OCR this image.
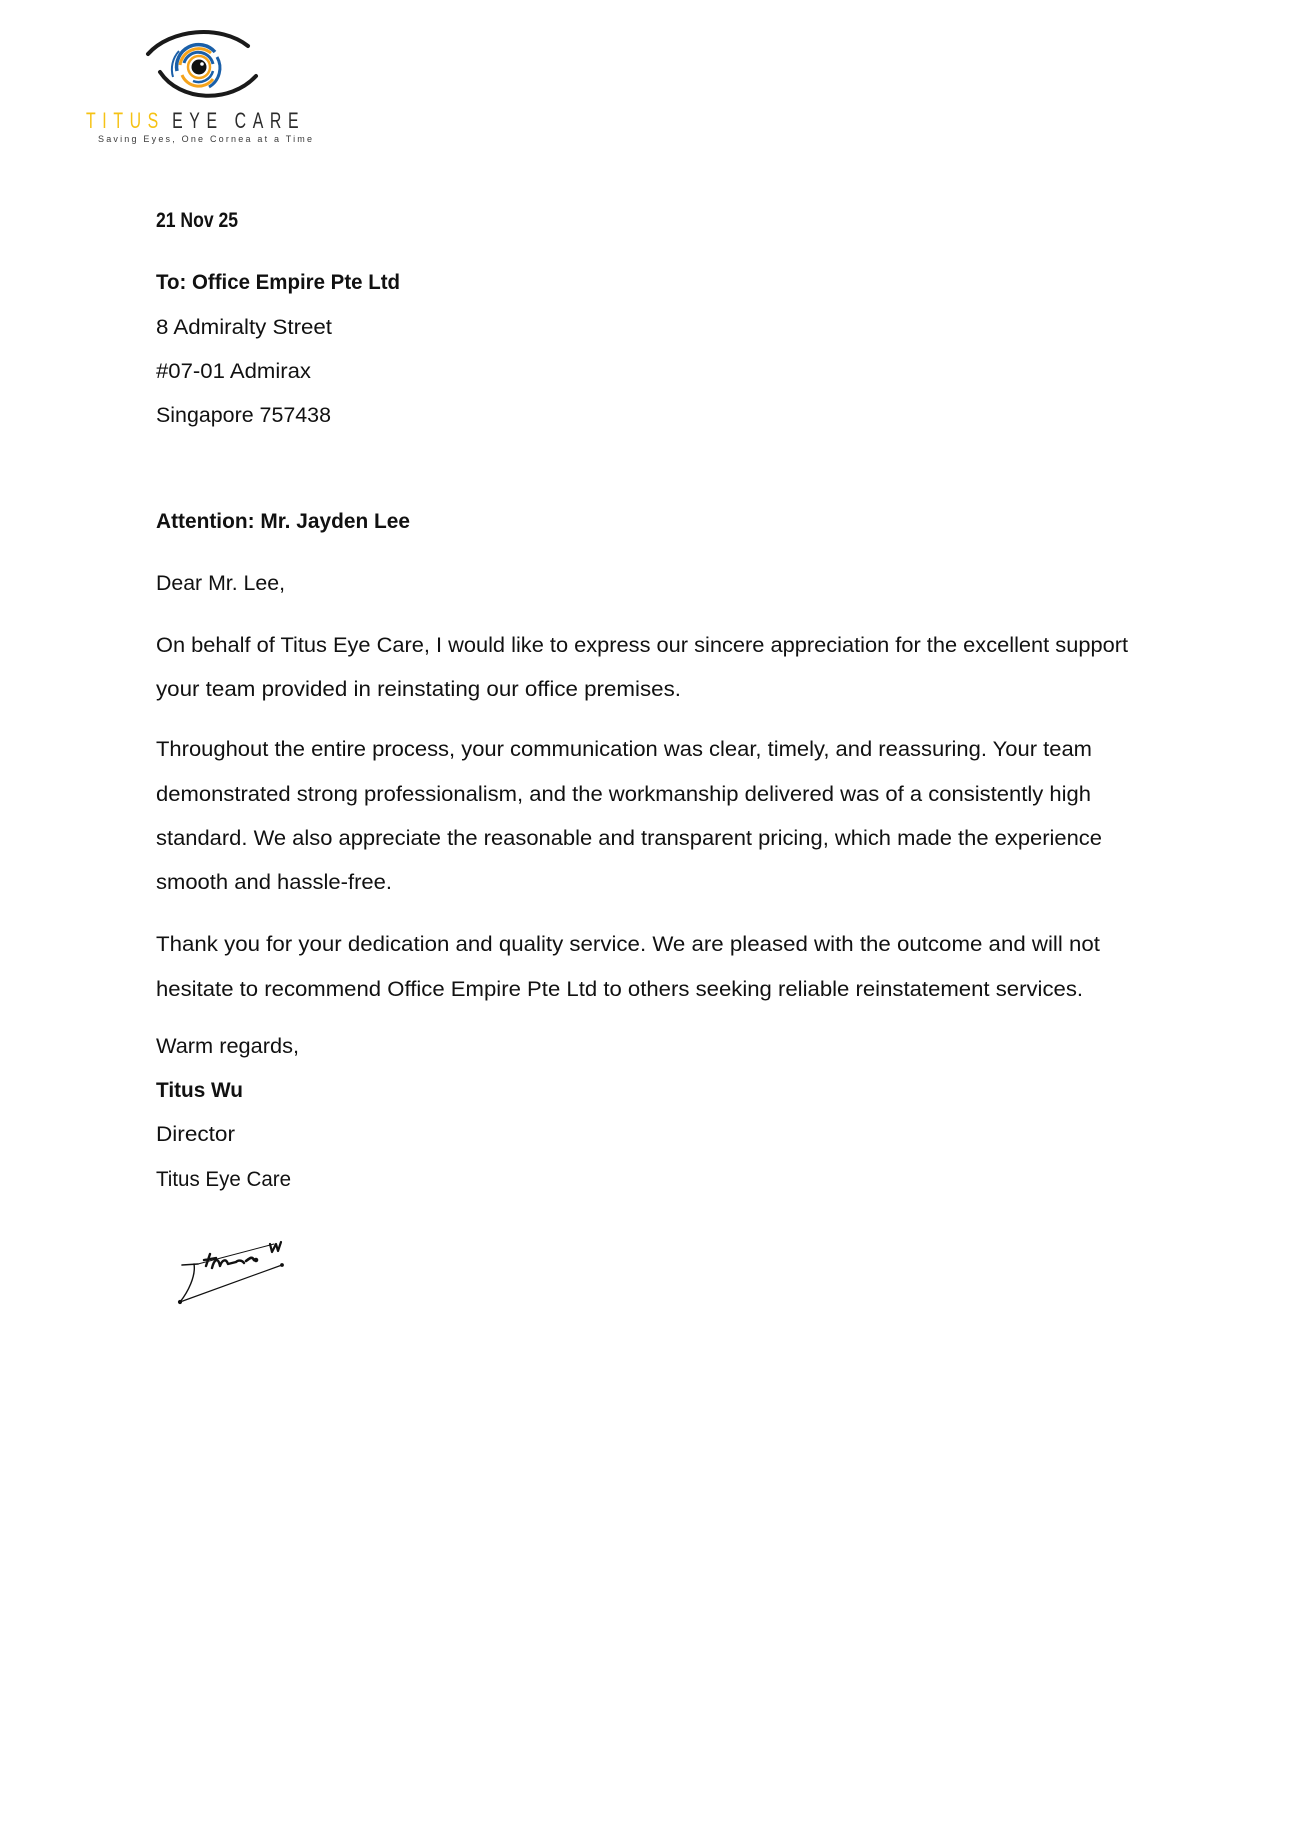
TITUS EYE CARE
Saving Eyes, One Cornea at a Time
21 Nov 25
To: Office Empire Pte Ltd
8 Admiralty Street
#07-01 Admirax
Singapore 757438
Attention: Mr. Jayden Lee
Dear Mr. Lee,
On behalf of Titus Eye Care, I would like to express our sincere appreciation for the excellent support
your team provided in reinstating our office premises.
Throughout the entire process, your communication was clear, timely, and reassuring. Your team
demonstrated strong professionalism, and the workmanship delivered was of a consistently high
standard. We also appreciate the reasonable and transparent pricing, which made the experience
smooth and hassle-free.
Thank you for your dedication and quality service. We are pleased with the outcome and will not
hesitate to recommend Office Empire Pte Ltd to others seeking reliable reinstatement services.
Warm regards,
Titus Wu
Director
Titus Eye Care
